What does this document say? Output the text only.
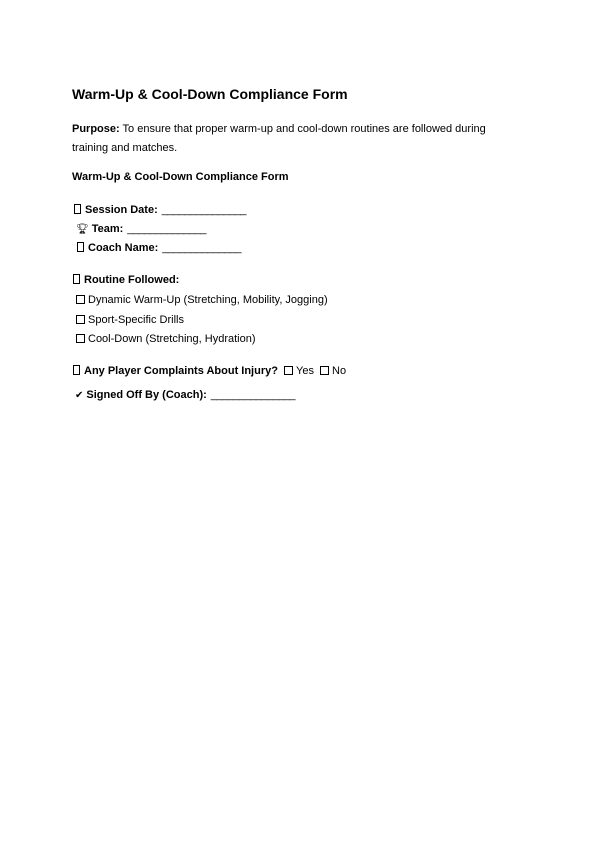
Warm-Up & Cool-Down Compliance Form
Purpose: To ensure that proper warm-up and cool-down routines are followed during training and matches.
Warm-Up & Cool-Down Compliance Form
Session Date: _______________
🏆︎ Team: ______________
Coach Name: ______________
Routine Followed:
Dynamic Warm-Up (Stretching, Mobility, Jogging)
Sport-Specific Drills
Cool-Down (Stretching, Hydration)
Any Player Complaints About Injury? Yes No
✔ Signed Off By (Coach): _______________
